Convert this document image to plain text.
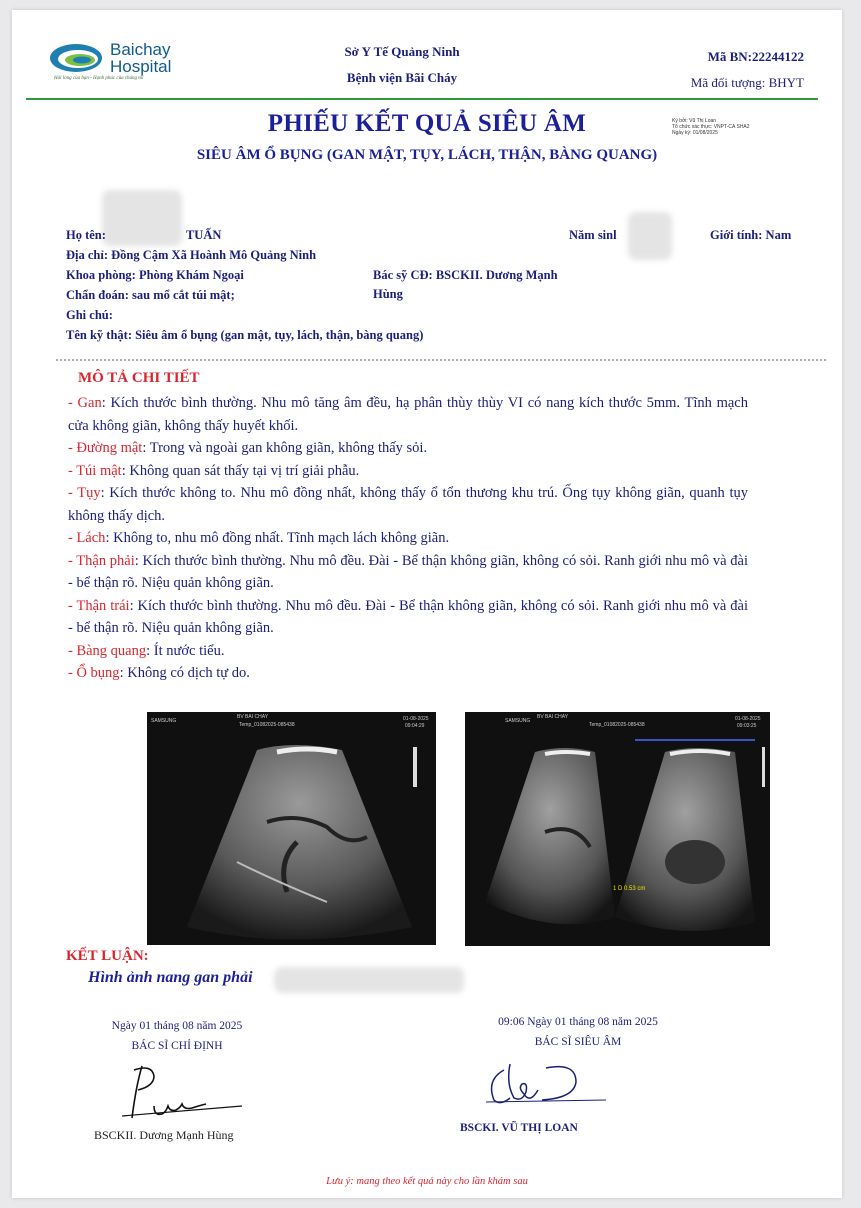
Baichay
Hospital
Hài lòng của bạn - Hạnh phúc của chúng tôi
Sở Y Tế Quảng Ninh
Bệnh viện Bãi Cháy
Mã BN:22244122
Mã đối tượng: BHYT
Ký bởi: Vũ Thị Loan
Tổ chức xác thực: VNPT-CA SHA2
Ngày ký: 01/08/2025
PHIẾU KẾT QUẢ SIÊU ÂM
SIÊU ÂM Ổ BỤNG (GAN MẬT, TỤY, LÁCH, THẬN, BÀNG QUANG)
Họ tên:	TUẤN	Năm sinl	Giới tính: Nam
Địa chỉ: Đồng Cậm Xã Hoành Mô Quảng Ninh
Khoa phòng: Phòng Khám Ngoại	Bác sỹ CĐ: BSCKII. Dương Mạnh
Hùng
Chẩn đoán: sau mổ cắt túi mật;
Ghi chú:
Tên kỹ thật: Siêu âm ổ bụng (gan mật, tụy, lách, thận, bàng quang)
MÔ TẢ CHI TIẾT

- Gan: Kích thước bình thường. Nhu mô tăng âm đều, hạ phân thùy thùy VI có nang kích thước 5mm. Tĩnh mạch cửa không giãn, không thấy huyết khối.

- Đường mật: Trong và ngoài gan không giãn, không thấy sỏi.

- Túi mật: Không quan sát thấy tại vị trí giải phẫu.

- Tụy: Kích thước không to. Nhu mô đồng nhất, không thấy ổ tổn thương khu trú. Ống tụy không giãn, quanh tụy không thấy dịch.

- Lách: Không to, nhu mô đồng nhất. Tĩnh mạch lách không giãn.

- Thận phải: Kích thước bình thường. Nhu mô đều. Đài - Bể thận không giãn, không có sỏi. Ranh giới nhu mô và đài - bể thận rõ. Niệu quản không giãn.

- Thận trái: Kích thước bình thường. Nhu mô đều. Đài - Bể thận không giãn, không có sỏi. Ranh giới nhu mô và đài - bể thận rõ. Niệu quản không giãn.

- Bàng quang: Ít nước tiểu.

- Ổ bụng: Không có dịch tự do.

BV BAI CHAY
SAMSUNG
Temp_01082025-085438
01-08-2025
09:04:29
BV BAI CHAY
SAMSUNG
Temp_01082025-085438
01-08-2025
09:03:25
1 D 0.53 cm
KẾT LUẬN:
Hình ảnh nang gan phải
Ngày 01 tháng 08 năm 2025
BÁC SĨ CHỈ ĐỊNH
BSCKII. Dương Mạnh Hùng
09:06 Ngày 01 tháng 08 năm 2025
BÁC SĨ SIÊU ÂM
BSCKI. VŨ THỊ LOAN
Lưu ý: mang theo kết quả này cho lần khám sau
